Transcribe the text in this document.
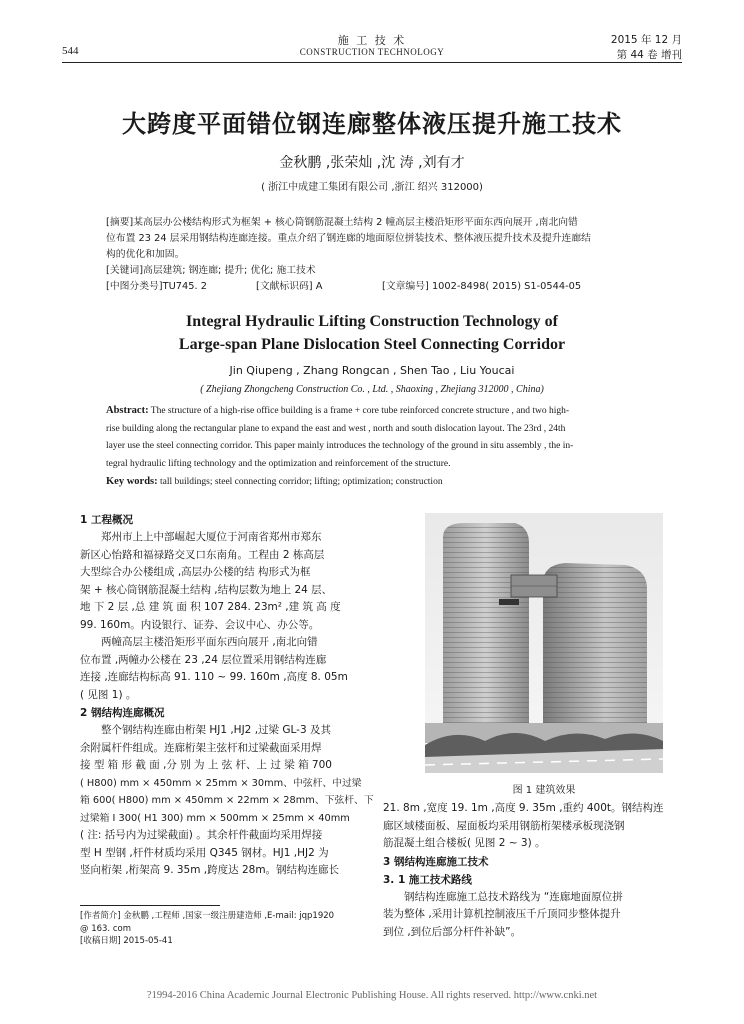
施 工 技 术
CONSTRUCTION TECHNOLOGY
544
2015 年 12 月
第 44 卷 增刊
大跨度平面错位钢连廊整体液压提升施工技术
金秋鹏 ,张荣灿 ,沈 涛 ,刘有才
( 浙江中成建工集团有限公司 ,浙江 绍兴 312000)
[摘要]某高层办公楼结构形式为框架 + 核心筒钢筋混凝土结构 2 幢高层主楼沿矩形平面东西向展开 ,南北向错
位布置 23 24 层采用钢结构连廊连接。重点介绍了钢连廊的地面原位拼装技术、整体液压提升技术及提升连廊结
构的优化和加固。
[关键词]高层建筑; 钢连廊; 提升; 优化; 施工技术
[中图分类号]TU745. 2	[文献标识码] A	[文章编号] 1002-8498( 2015) S1-0544-05
Integral Hydraulic Lifting Construction Technology of
Large-span Plane Dislocation Steel Connecting Corridor
Jin Qiupeng , Zhang Rongcan , Shen Tao , Liu Youcai
( Zhejiang Zhongcheng Construction Co. , Ltd. , Shaoxing , Zhejiang 312000 , China)
Abstract: The structure of a high-rise office building is a frame + core tube reinforced concrete structure , and two high-
rise building along the rectangular plane to expand the east and west , north and south dislocation layout. The 23rd , 24th
layer use the steel connecting corridor. This paper mainly introduces the technology of the ground in situ assembly , the in-
tegral hydraulic lifting technology and the optimization and reinforcement of the structure.
Key words: tall buildings; steel connecting corridor; lifting; optimization; construction
1 工程概况
郑州市上上中部崛起大厦位于河南省郑州市郑东
新区心怡路和福禄路交叉口东南角。工程由 2 栋高层
大型综合办公楼组成 ,高层办公楼的结 构形式为框
架 + 核心筒钢筋混凝土结构 ,结构层数为地上 24 层、
地 下 2 层 ,总 建 筑 面 积 107 284. 23m² ,建 筑 高 度
99. 160m。内设银行、证券、会议中心、办公等。
两幢高层主楼沿矩形平面东西向展开 ,南北向错
位布置 ,两幢办公楼在 23 ,24 层位置采用钢结构连廊
连接 ,连廊结构标高 91. 110 ~ 99. 160m ,高度 8. 05m
( 见图 1) 。
2 钢结构连廊概况
整个钢结构连廊由桁架 HJ1 ,HJ2 ,过梁 GL-3 及其
余附属杆件组成。连廊桁架主弦杆和过梁截面采用焊
接 型 箱 形 截 面 ,分 别 为 上 弦 杆、上 过 梁 箱 700
( H800) mm × 450mm × 25mm × 30mm、中弦杆、中过梁
箱 600( H800) mm × 450mm × 22mm × 28mm、下弦杆、下
过梁箱 I 300( H1 300) mm × 500mm × 25mm × 40mm
( 注: 括号内为过梁截面) 。其余杆件截面均采用焊接
型 H 型钢 ,杆件材质均采用 Q345 钢材。HJ1 ,HJ2 为
竖向桁架 ,桁架高 9. 35m ,跨度达 28m。钢结构连廊长
[作者简介] 金秋鹏 ,工程师 ,国家一级注册建造师 ,E-mail: jqp1920
@ 163. com
[收稿日期] 2015-05-41
图 1 建筑效果
21. 8m ,宽度 19. 1m ,高度 9. 35m ,重约 400t。钢结构连
廊区域楼面板、屋面板均采用钢筋桁架楼承板现浇钢
筋混凝土组合楼板( 见图 2 ~ 3) 。
3 钢结构连廊施工技术
3. 1 施工技术路线
钢结构连廊施工总技术路线为 “连廊地面原位拼
装为整体 ,采用计算机控制液压千斤顶同步整体提升
到位 ,到位后部分杆件补缺”。
?1994-2016 China Academic Journal Electronic Publishing House. All rights reserved. http://www.cnki.net
